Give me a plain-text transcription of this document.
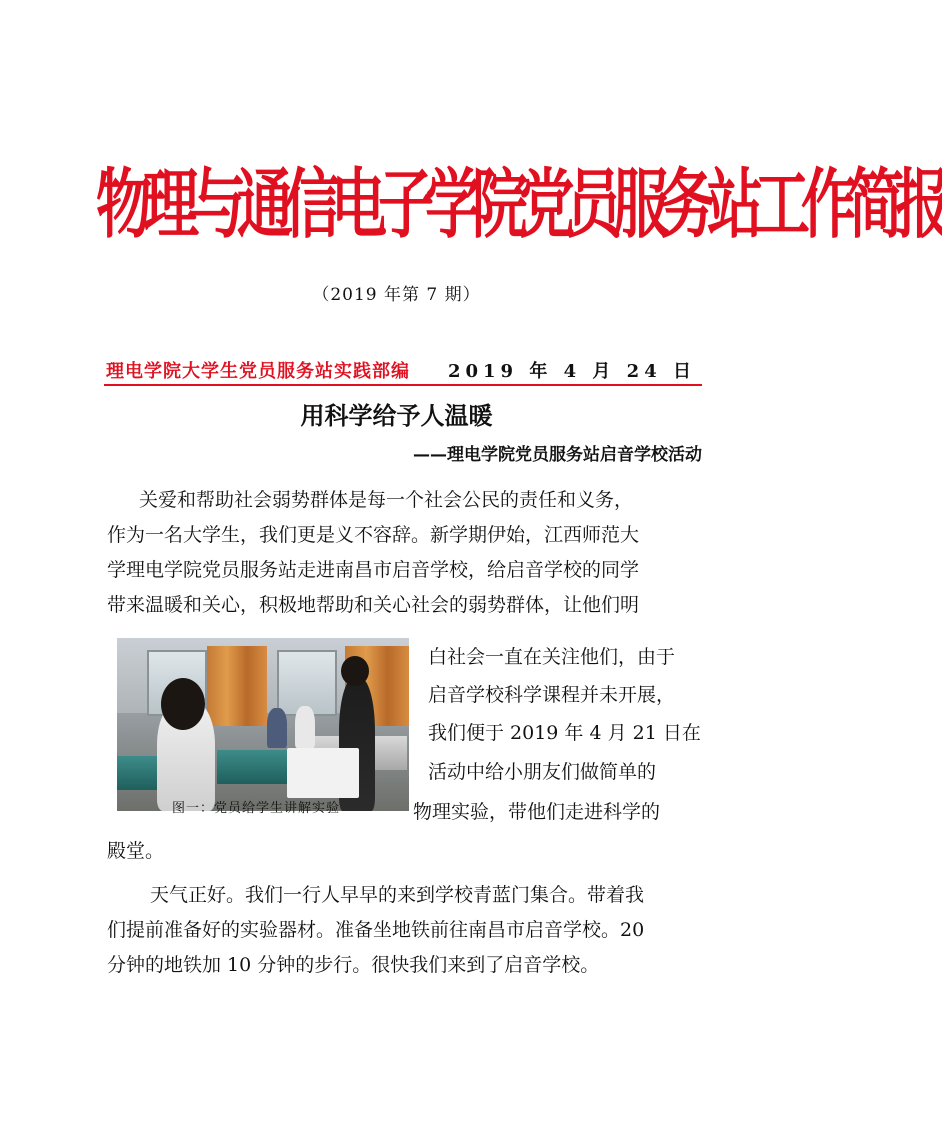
物理与通信电子学院党员服务站工作简报
（2019 年第 7 期）
理电学院大学生党员服务站实践部编 2019 年 4 月 24 日
用科学给予人温暖
——理电学院党员服务站启音学校活动
关爱和帮助社会弱势群体是每一个社会公民的责任和义务，
作为一名大学生，我们更是义不容辞。新学期伊始，江西师范大
学理电学院党员服务站走进南昌市启音学校，给启音学校的同学
带来温暖和关心，积极地帮助和关心社会的弱势群体，让他们明
白社会一直在关注他们，由于
启音学校科学课程并未开展，
我们便于 2019 年 4 月 21 日在
活动中给小朋友们做简单的
物理实验，带他们走进科学的
殿堂。
天气正好。我们一行人早早的来到学校青蓝门集合。带着我
们提前准备好的实验器材。准备坐地铁前往南昌市启音学校。20
分钟的地铁加 10 分钟的步行。很快我们来到了启音学校。
图一：党员给学生讲解实验
